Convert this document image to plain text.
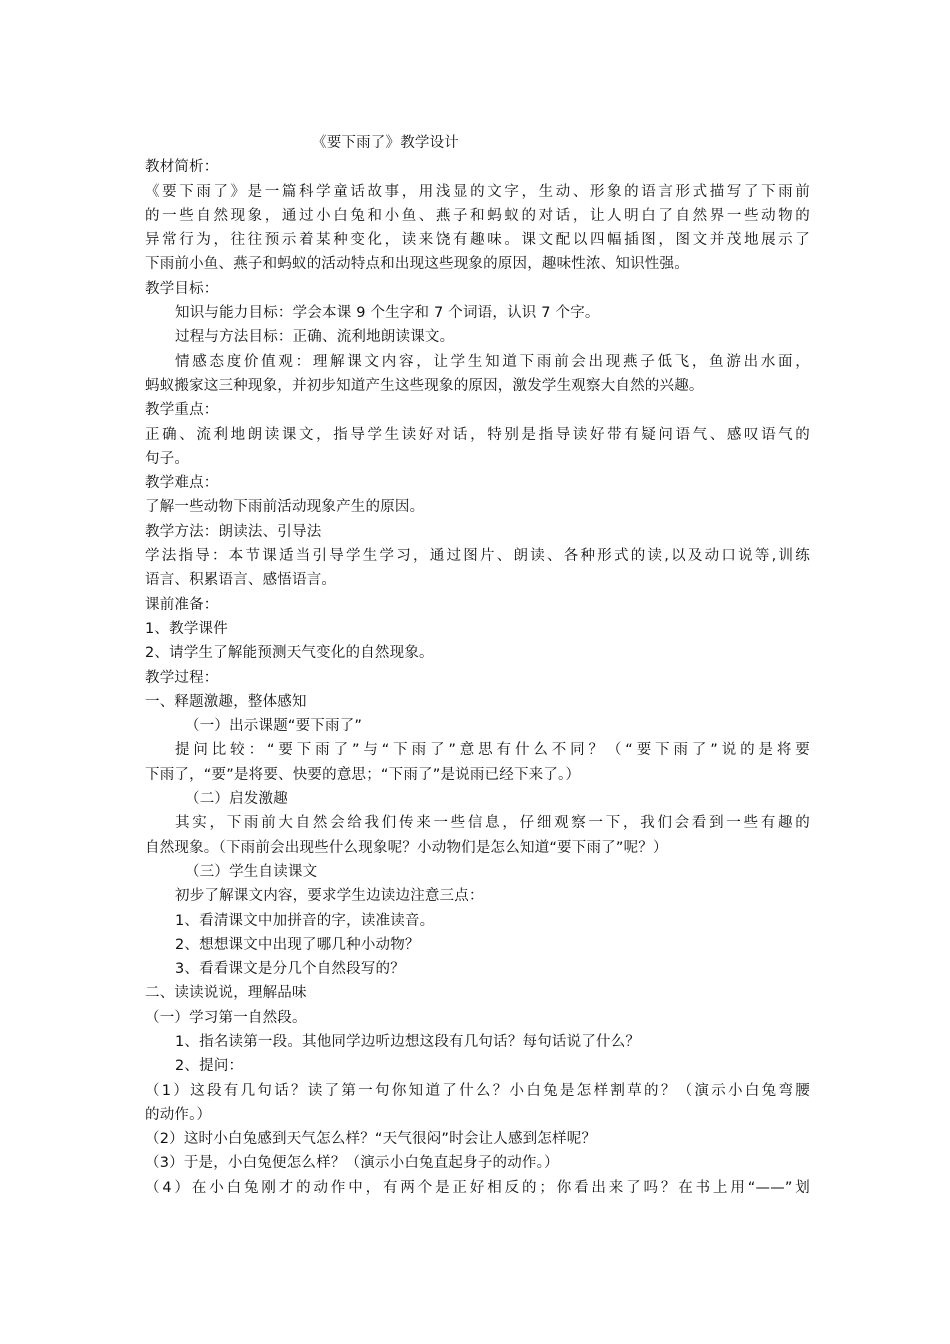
《要下雨了》教学设计
教材简析：
《要下雨了》是一篇科学童话故事，用浅显的文字，生动、形象的语言形式描写了下雨前
的一些自然现象，通过小白兔和小鱼、燕子和蚂蚁的对话，让人明白了自然界一些动物的
异常行为，往往预示着某种变化，读来饶有趣味。课文配以四幅插图，图文并茂地展示了
下雨前小鱼、燕子和蚂蚁的活动特点和出现这些现象的原因，趣味性浓、知识性强。
教学目标：
知识与能力目标：学会本课 9 个生字和 7 个词语，认识 7 个字。
过程与方法目标：正确、流利地朗读课文。
情感态度价值观：理解课文内容，让学生知道下雨前会出现燕子低飞，鱼游出水面，
蚂蚁搬家这三种现象，并初步知道产生这些现象的原因，激发学生观察大自然的兴趣。
教学重点：
正确、流利地朗读课文，指导学生读好对话，特别是指导读好带有疑问语气、感叹语气的
句子。
教学难点：
了解一些动物下雨前活动现象产生的原因。
教学方法：朗读法、引导法
学法指导：本节课适当引导学生学习，通过图片、朗读、各种形式的读,以及动口说等,训练
语言、积累语言、感悟语言。
课前准备：
1、教学课件
2、请学生了解能预测天气变化的自然现象。
教学过程：
一、释题激趣，整体感知
（一）出示课题“要下雨了”
提问比较：“要下雨了”与“下雨了”意思有什么不同？（“要下雨了”说的是将要
下雨了，“要”是将要、快要的意思；“下雨了”是说雨已经下来了。）
（二）启发激趣
其实，下雨前大自然会给我们传来一些信息，仔细观察一下，我们会看到一些有趣的
自然现象。（下雨前会出现些什么现象呢？小动物们是怎么知道“要下雨了”呢？）
（三）学生自读课文
初步了解课文内容，要求学生边读边注意三点：
1、看清课文中加拼音的字，读准读音。
2、想想课文中出现了哪几种小动物？
3、看看课文是分几个自然段写的？
二、读读说说，理解品味
（一）学习第一自然段。
1、指名读第一段。其他同学边听边想这段有几句话？每句话说了什么？
2、提问：
（1）这段有几句话？读了第一句你知道了什么？小白兔是怎样割草的？（演示小白兔弯腰
的动作。）
（2）这时小白兔感到天气怎么样？“天气很闷”时会让人感到怎样呢？
（3）于是，小白兔便怎么样？（演示小白兔直起身子的动作。）
（4）在小白兔刚才的动作中，有两个是正好相反的；你看出来了吗？在书上用“——”划
